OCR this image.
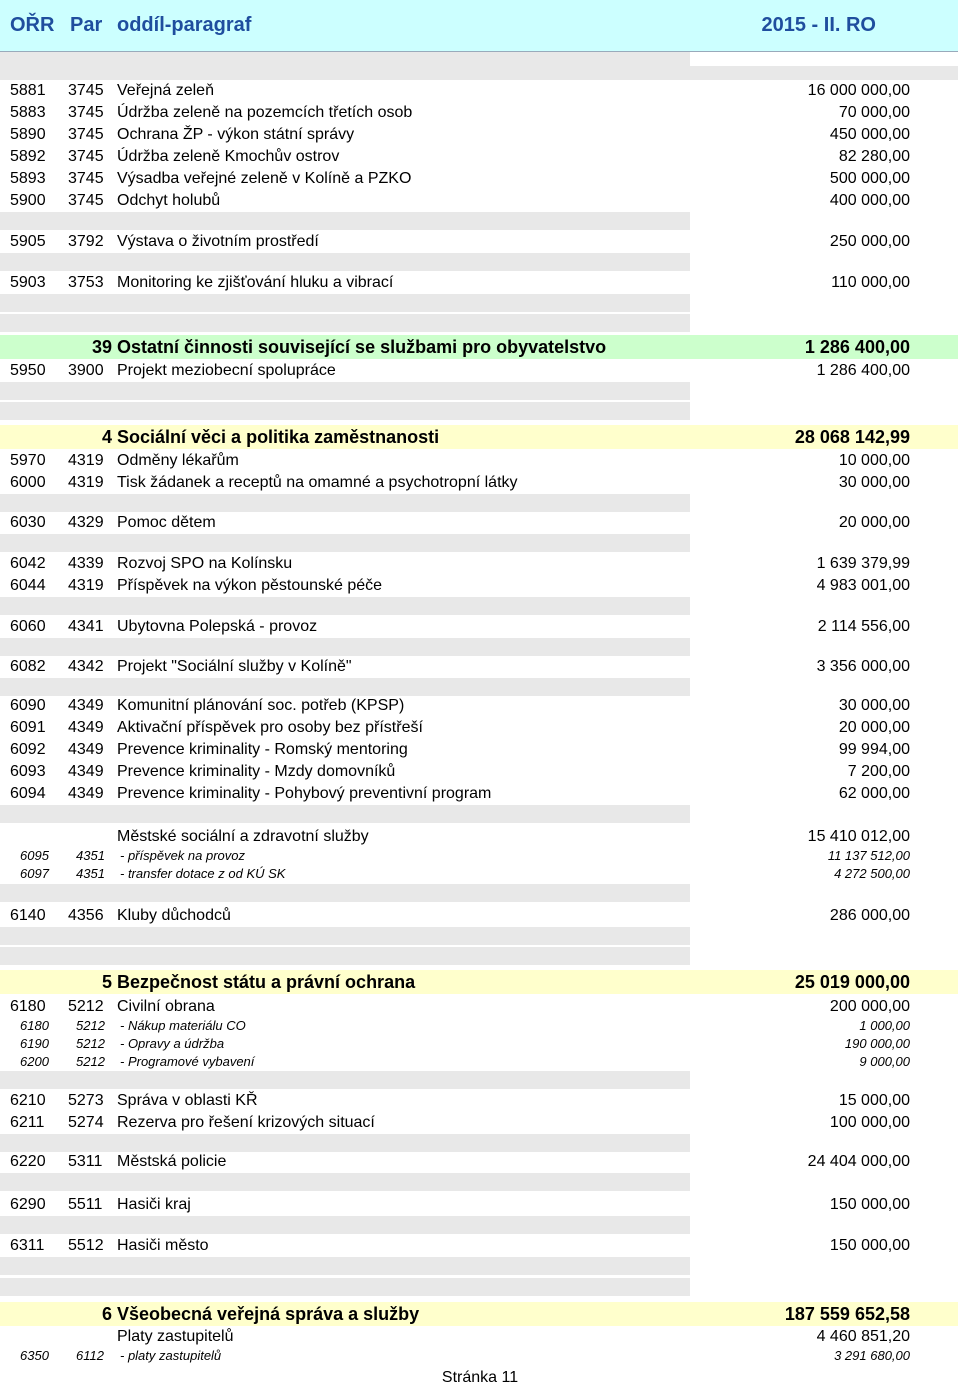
OŘR Par oddíl-paragraf	2015 - II. RO
5881	3745 Veřejná zeleň	16 000 000,00
5883	3745 Údržba zeleně na pozemcích třetích osob	70 000,00
5890	3745 Ochrana ŽP - výkon státní správy	450 000,00
5892	3745 Údržba zeleně Kmochův ostrov	82 280,00
5893	3745 Výsadba veřejné zeleně v Kolíně a PZKO	500 000,00
5900	3745 Odchyt holubů	400 000,00
5905	3792 Výstava o životním prostředí	250 000,00
5903	3753 Monitoring ke zjišťování hluku a vibrací	110 000,00
39 Ostatní činnosti související se službami pro obyvatelstvo	1 286 400,00
5950	3900 Projekt meziobecní spolupráce	1 286 400,00
4 Sociální věci a politika zaměstnanosti	28 068 142,99
5970	4319 Odměny lékařům	10 000,00
6000	4319 Tisk žádanek a receptů na omamné a psychotropní látky	30 000,00
6030	4329 Pomoc dětem	20 000,00
6042	4339 Rozvoj SPO na Kolínsku	1 639 379,99
6044	4319 Příspěvek na výkon pěstounské péče	4 983 001,00
6060	4341 Ubytovna Polepská - provoz	2 114 556,00
6082	4342 Projekt "Sociální služby v Kolíně"	3 356 000,00
6090	4349 Komunitní plánování soc. potřeb (KPSP)	30 000,00
6091	4349 Aktivační příspěvek pro osoby bez přístřeší	20 000,00
6092	4349 Prevence kriminality - Romský mentoring	99 994,00
6093	4349 Prevence kriminality - Mzdy domovníků	7 200,00
6094	4349 Prevence kriminality - Pohybový preventivní program	62 000,00
Městské sociální a zdravotní služby	15 410 012,00
6095	4351	- příspěvek na provoz	11 137 512,00
6097	4351	- transfer dotace z od KÚ SK	4 272 500,00
6140	4356 Kluby důchodců	286 000,00
5 Bezpečnost státu a právní ochrana	25 019 000,00
6180	5212 Civilní obrana	200 000,00
6180	5212	- Nákup materiálu CO	1 000,00
6190	5212	- Opravy a údržba	190 000,00
6200	5212	- Programové vybavení	9 000,00
6210	5273 Správa v oblasti KŘ	15 000,00
6211	5274 Rezerva pro řešení krizových situací	100 000,00
6220	5311 Městská policie	24 404 000,00
6290	5511 Hasiči kraj	150 000,00
6311	5512 Hasiči město	150 000,00
6 Všeobecná veřejná správa a služby	187 559 652,58
Platy zastupitelů	4 460 851,20
6350	6112	- platy zastupitelů	3 291 680,00
Stránka 11
